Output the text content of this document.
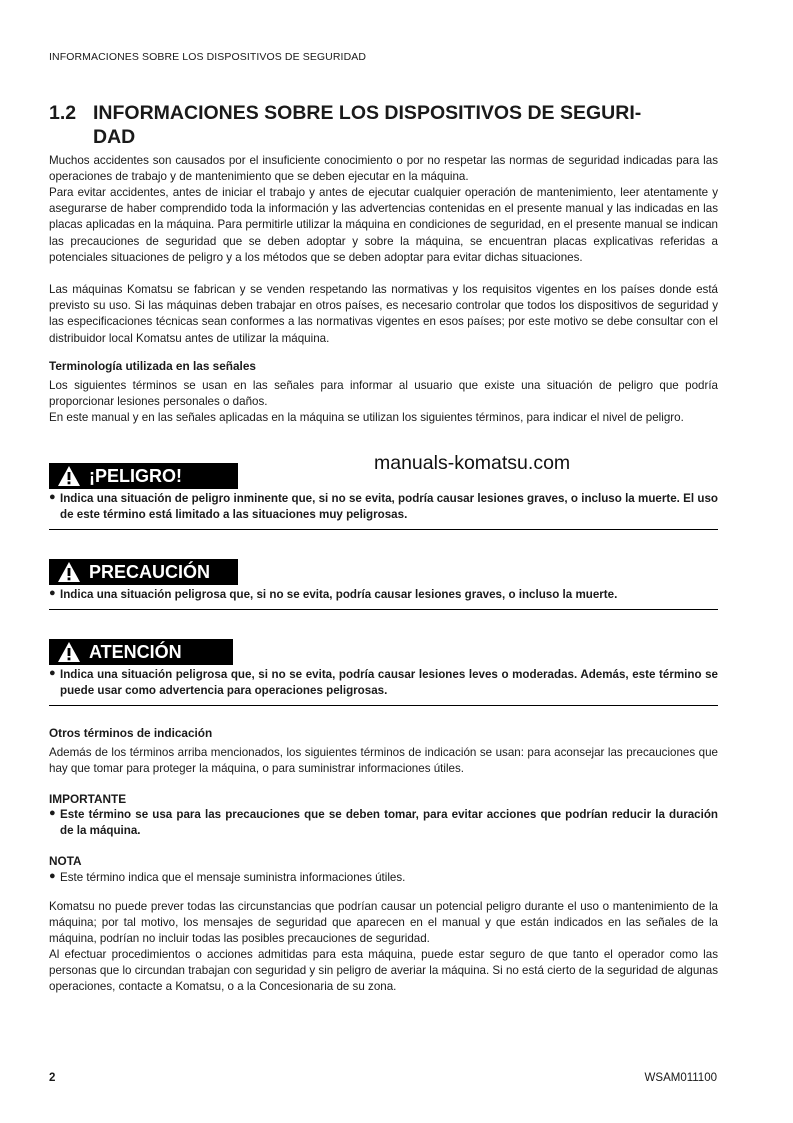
INFORMACIONES SOBRE LOS DISPOSITIVOS DE SEGURIDAD
1.2 INFORMACIONES SOBRE LOS DISPOSITIVOS DE SEGURI-
DAD
Muchos accidentes son causados por el insuficiente conocimiento o por no respetar las normas de seguridad indicadas para las operaciones de trabajo y de mantenimiento que se deben ejecutar en la máquina.
Para evitar accidentes, antes de iniciar el trabajo y antes de ejecutar cualquier operación de mantenimiento, leer atentamente y asegurarse de haber comprendido toda la información y las advertencias contenidas en el presente manual y las indicadas en las placas aplicadas en la máquina. Para permitirle utilizar la máquina en condiciones de seguridad, en el presente manual se indican las precauciones de seguridad que se deben adoptar y sobre la máquina, se encuentran placas explicativas referidas a potenciales situaciones de peligro y a los métodos que se deben adoptar para evitar dichas situaciones.
Las máquinas Komatsu se fabrican y se venden respetando las normativas y los requisitos vigentes en los países donde está previsto su uso. Si las máquinas deben trabajar en otros países, es necesario controlar que todos los dispositivos de seguridad y las especificaciones técnicas sean conformes a las normativas vigentes en esos países; por este motivo se debe consultar con el distribuidor local Komatsu antes de utilizar la máquina.
Terminología utilizada en las señales
Los siguientes términos se usan en las señales para informar al usuario que existe una situación de peligro que podría proporcionar lesiones personales o daños.
En este manual y en las señales aplicadas en la máquina se utilizan los siguientes términos, para indicar el nivel de peligro.
manuals-komatsu.com
¡PELIGRO!
● Indica una situación de peligro inminente que, si no se evita, podría causar lesiones graves, o incluso la muerte. El uso de este término está limitado a las situaciones muy peligrosas.
PRECAUCIÓN
● Indica una situación peligrosa que, si no se evita, podría causar lesiones graves, o incluso la muerte.
ATENCIÓN
● Indica una situación peligrosa que, si no se evita, podría causar lesiones leves o moderadas. Además, este término se puede usar como advertencia para operaciones peligrosas.
Otros términos de indicación
Además de los términos arriba mencionados, los siguientes términos de indicación se usan: para aconsejar las precauciones que hay que tomar para proteger la máquina, o para suministrar informaciones útiles.
IMPORTANTE
● Este término se usa para las precauciones que se deben tomar, para evitar acciones que podrían reducir la duración de la máquina.
NOTA
● Este término indica que el mensaje suministra informaciones útiles.
Komatsu no puede prever todas las circunstancias que podrían causar un potencial peligro durante el uso o mantenimiento de la máquina; por tal motivo, los mensajes de seguridad que aparecen en el manual y que están indicados en las señales de la máquina, podrían no incluir todas las posibles precauciones de seguridad.
Al efectuar procedimientos o acciones admitidas para esta máquina, puede estar seguro de que tanto el operador como las personas que lo circundan trabajan con seguridad y sin peligro de averiar la máquina. Si no está cierto de la seguridad de algunas operaciones, contacte a Komatsu, o a la Concesionaria de su zona.
2	WSAM011100
